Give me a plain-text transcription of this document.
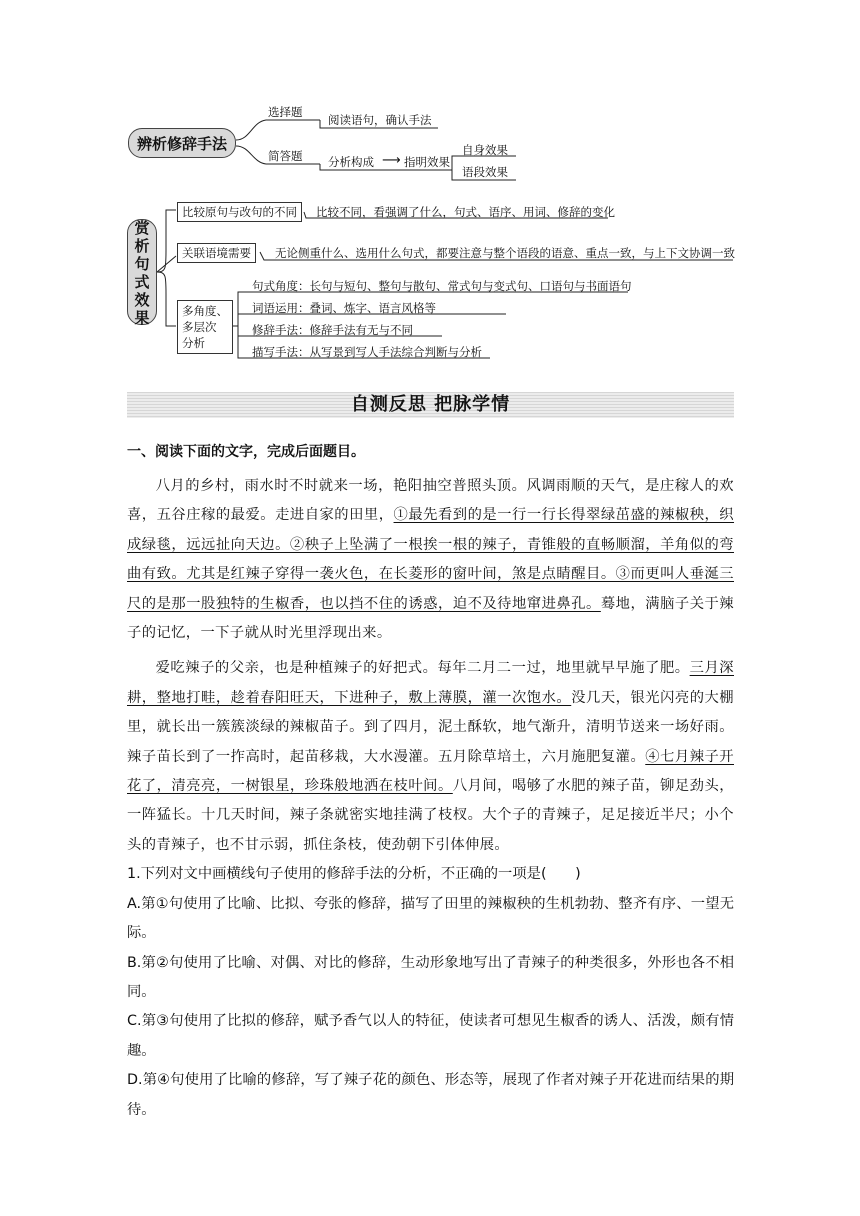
辨析修辞手法
选择题
阅读语句，确认手法
简答题 分析构成 ⟶ 指明效果
自身效果
语段效果
赏
析
句
式
效
果
比较原句与改句的不同	比较不同，看强调了什么，句式、语序、用词、修辞的变化
关联语境需要	无论侧重什么、选用什么句式，都要注意与整个语段的语意、重点一致，与上下文协调一致
多角度、
多层次
分析
句式角度：长句与短句、整句与散句、常式句与变式句、口语句与书面语句
词语运用：叠词、炼字、语言风格等
修辞手法：修辞手法有无与不同
描写手法：从写景到写人手法综合判断与分析
自测反思 把脉学情

一、阅读下面的文字，完成后面题目。

八月的乡村，雨水时不时就来一场，艳阳抽空普照头顶。风调雨顺的天气，是庄稼人的欢喜，五谷庄稼的最爱。走进自家的田里，①最先看到的是一行一行长得翠绿茁盛的辣椒秧，织成绿毯，远远扯向天边。②秧子上坠满了一根挨一根的辣子，青锥般的直畅顺溜，羊角似的弯曲有致。尤其是红辣子穿得一袭火色，在长菱形的窗叶间，煞是点睛醒目。③而更叫人垂涎三尺的是那一股独特的生椒香，也以挡不住的诱惑，迫不及待地窜进鼻孔。蓦地，满脑子关于辣子的记忆，一下子就从时光里浮现出来。

爱吃辣子的父亲，也是种植辣子的好把式。每年二月二一过，地里就早早施了肥。三月深耕，整地打畦，趁着春阳旺天，下进种子，敷上薄膜，灌一次饱水。没几天，银光闪亮的大棚里，就长出一簇簇淡绿的辣椒苗子。到了四月，泥土酥软，地气渐升，清明节送来一场好雨。辣子苗长到了一拃高时，起苗移栽，大水漫灌。五月除草培土，六月施肥复灌。④七月辣子开花了，清亮亮，一树银星，珍珠般地洒在枝叶间。八月间，喝够了水肥的辣子苗，铆足劲头，一阵猛长。十几天时间，辣子条就密实地挂满了枝杈。大个子的青辣子，足足接近半尺；小个头的青辣子，也不甘示弱，抓住条枝，使劲朝下引体伸展。

1.下列对文中画横线句子使用的修辞手法的分析，不正确的一项是(　　)

A.第①句使用了比喻、比拟、夸张的修辞，描写了田里的辣椒秧的生机勃勃、整齐有序、一望无际。

B.第②句使用了比喻、对偶、对比的修辞，生动形象地写出了青辣子的种类很多，外形也各不相同。

C.第③句使用了比拟的修辞，赋予香气以人的特征，使读者可想见生椒香的诱人、活泼，颇有情趣。

D.第④句使用了比喻的修辞，写了辣子花的颜色、形态等，展现了作者对辣子开花进而结果的期待。
